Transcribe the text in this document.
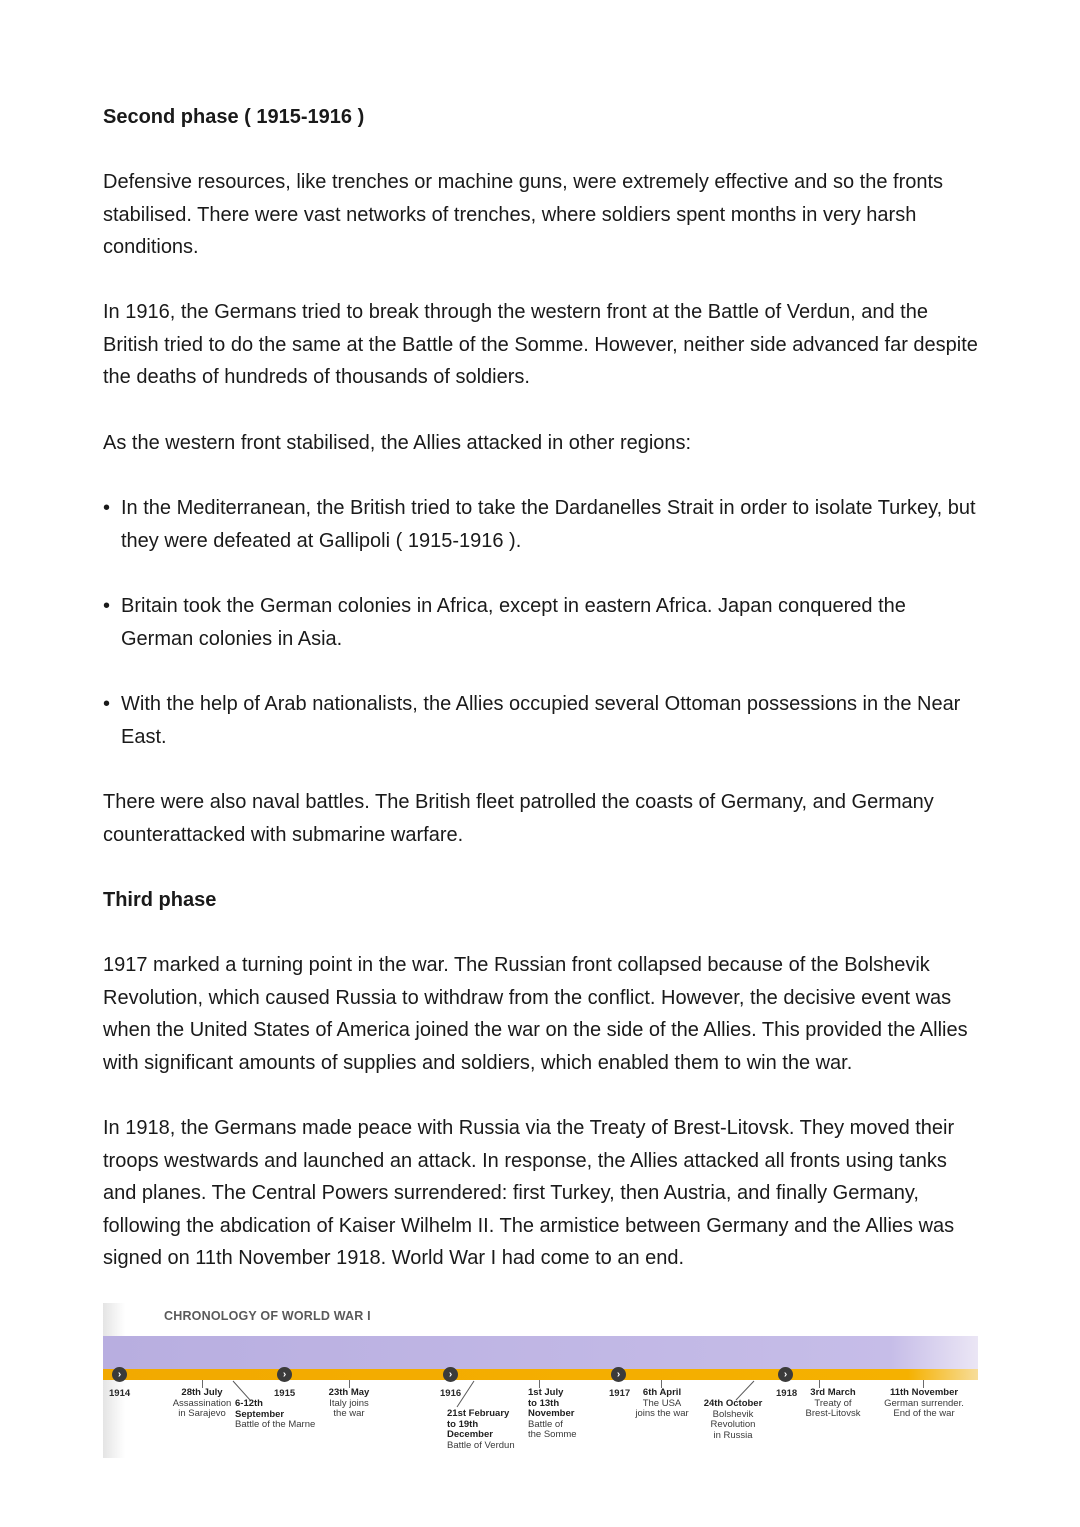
Second phase ( 1915-1916 )
Defensive resources, like trenches or machine guns, were extremely effective and so the fronts stabilised. There were vast networks of trenches, where soldiers spent months in very harsh conditions.
In 1916, the Germans tried to break through the western front at the Battle of Verdun, and the British tried to do the same at the Battle of the Somme. However, neither side advanced far despite the deaths of hundreds of thousands of soldiers.
As the western front stabilised, the Allies attacked in other regions:
• In the Mediterranean, the British tried to take the Dardanelles Strait in order to isolate Turkey, but they were defeated at Gallipoli ( 1915-1916 ).
• Britain took the German colonies in Africa, except in eastern Africa. Japan conquered the German colonies in Asia.
• With the help of Arab nationalists, the Allies occupied several Ottoman possessions in the Near East.
There were also naval battles. The British fleet patrolled the coasts of Germany, and Germany counterattacked with submarine warfare.
Third phase
1917 marked a turning point in the war. The Russian front collapsed because of the Bolshevik Revolution, which caused Russia to withdraw from the conflict. However, the decisive event was when the United States of America joined the war on the side of the Allies. This provided the Allies with significant amounts of supplies and soldiers, which enabled them to win the war.
In 1918, the Germans made peace with Russia via the Treaty of Brest-Litovsk. They moved their troops westwards and launched an attack. In response, the Allies attacked all fronts using tanks and planes. The Central Powers surrendered: first Turkey, then Austria, and finally Germany, following the abdication of Kaiser Wilhelm II. The armistice between Germany and the Allies was signed on 11th November 1918. World War I had come to an end.
CHRONOLOGY OF WORLD WAR I
›	›	›	›	›
1914	1915	1916	1917	1918
28th July
Assassination
in Sarajevo
6-12th
September
Battle of the Marne
23th May
Italy joins
the war	21st February
to 19th
December
Battle of Verdun
1st July
to 13th
November
Battle of
the Somme
6th April
The USA
joins the war
24th October
Bolshevik
Revolution
in Russia
3rd March
Treaty of
Brest-Litovsk
11th November
German surrender.
End of the war
